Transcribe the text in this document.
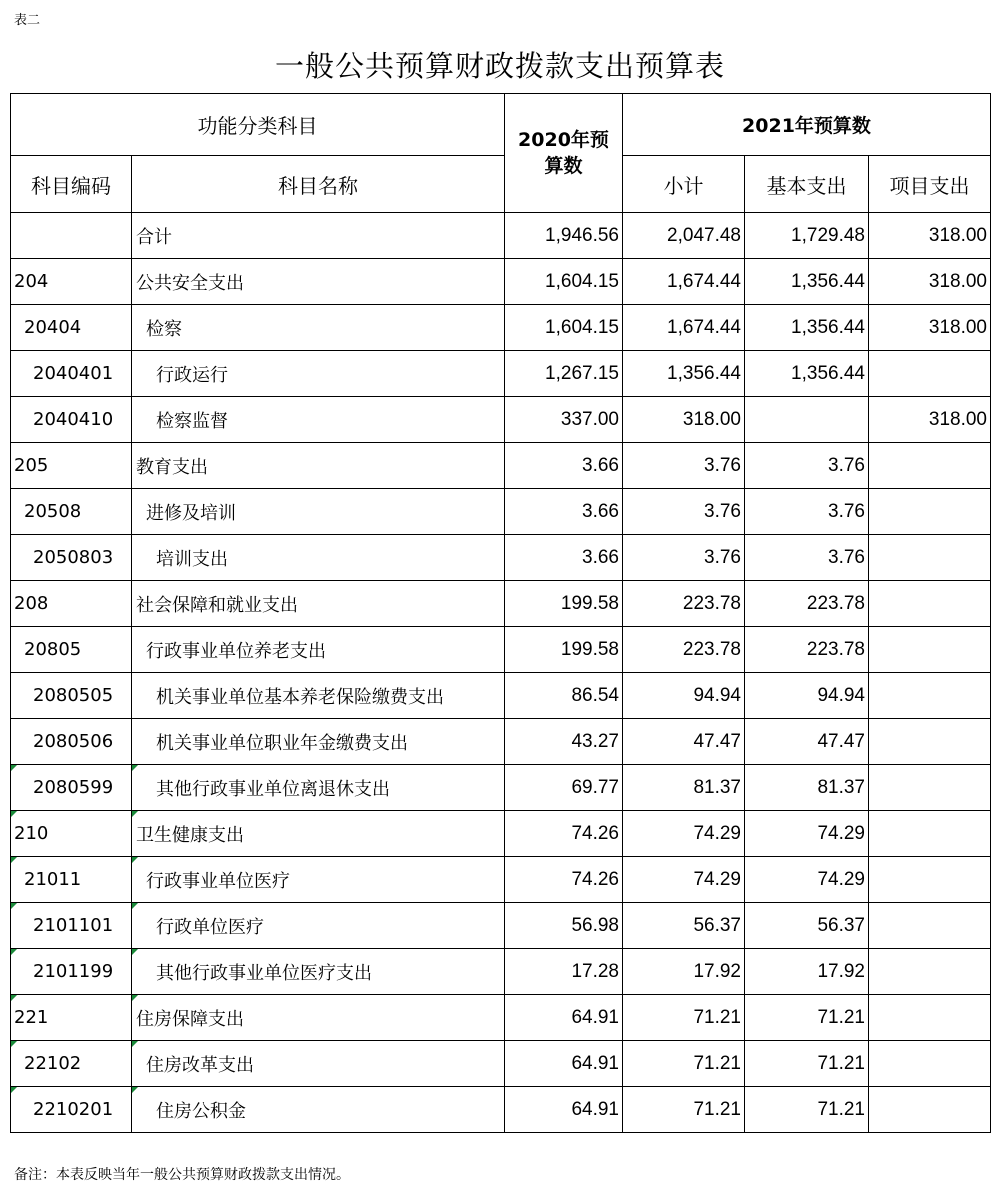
表二
一般公共预算财政拨款支出预算表
功能分类科目		2020年预算数	2021年预算数		
科目编码	科目名称		小计	基本支出	项目支出
	合计	1,946.56	2,047.48	1,729.48	318.00
204	公共安全支出	1,604.15	1,674.44	1,356.44	318.00
20404	检察	1,604.15	1,674.44	1,356.44	318.00
2040401	行政运行	1,267.15	1,356.44	1,356.44	
2040410	检察监督	337.00	318.00		318.00
205	教育支出	3.66	3.76	3.76	
20508	进修及培训	3.66	3.76	3.76	
2050803	培训支出	3.66	3.76	3.76	
208	社会保障和就业支出	199.58	223.78	223.78	
20805	行政事业单位养老支出	199.58	223.78	223.78	
2080505	机关事业单位基本养老保险缴费支出	86.54	94.94	94.94	
2080506	机关事业单位职业年金缴费支出	43.27	47.47	47.47	
2080599	其他行政事业单位离退休支出	69.77	81.37	81.37	
210	卫生健康支出	74.26	74.29	74.29	
21011	行政事业单位医疗	74.26	74.29	74.29	
2101101	行政单位医疗	56.98	56.37	56.37	
2101199	其他行政事业单位医疗支出	17.28	17.92	17.92	
221	住房保障支出	64.91	71.21	71.21	
22102	住房改革支出	64.91	71.21	71.21	
2210201	住房公积金	64.91	71.21	71.21	
备注：本表反映当年一般公共预算财政拨款支出情况。
